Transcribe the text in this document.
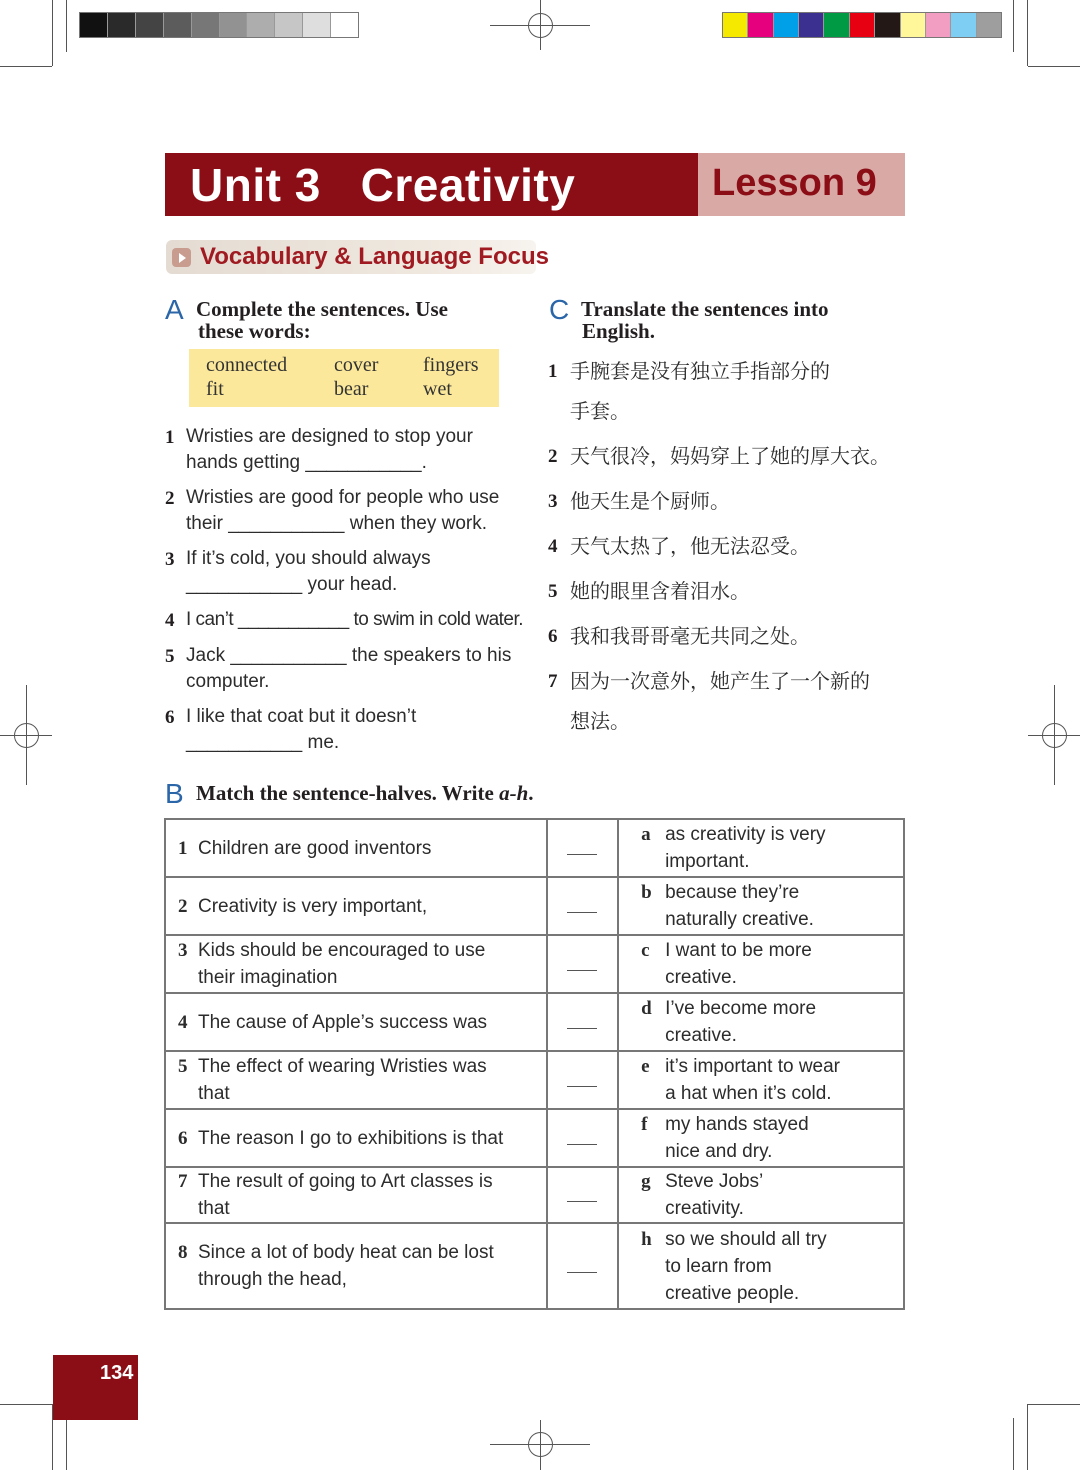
Unit 3   Creativity	Lesson 9
Vocabulary & Language Focus
A Complete the sentences. Use
these words:
connected cover fingers
fit	bear	wet
1 Wristies are designed to stop your
hands getting ___________.
2 Wristies are good for people who use
their ___________ when they work.
3 If it’s cold, you should always
___________ your head.
4 I can’t ___________ to swim in cold water.
5 Jack ___________ the speakers to his
computer.
6 I like that coat but it doesn’t
___________ me.
C Translate the sentences into
English.
1 手腕套是没有独立手指部分的
手套。
2 天气很冷，妈妈穿上了她的厚大衣。
3 他天生是个厨师。
4 天气太热了，他无法忍受。
5 她的眼里含着泪水。
6 我和我哥哥毫无共同之处。
7 因为一次意外，她产生了一个新的
想法。
B Match the sentence-halves. Write a-h.
1 Children are good inventors		a as creativity is very important.

2 Creativity is very important,		b because they’re naturally creative.

3 Kids should be encouraged to use their imagination		c I want to be more creative.

4 The cause of Apple’s success was		d I’ve become more creative.

5 The effect of wearing Wristies was that		e it’s important to wear a hat when it’s cold.

6 The reason I go to exhibitions is that		f my hands stayed nice and dry.

7 The result of going to Art classes is that		g Steve Jobs’ creativity.

8 Since a lot of body heat can be lost through the head,		h so we should all try to learn from creative people.
134
